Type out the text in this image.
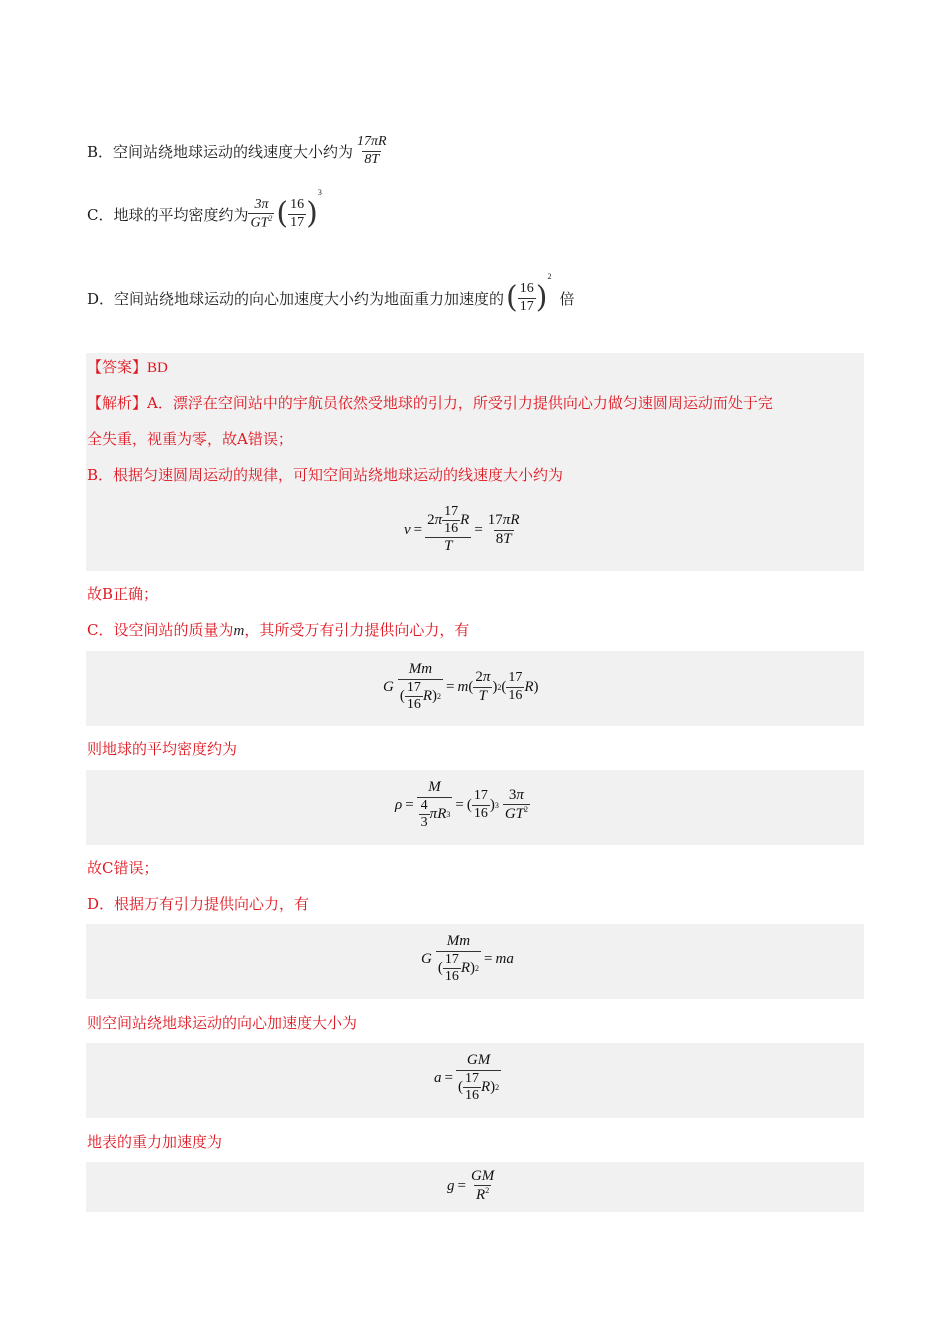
B．空间站绕地球运动的线速度大小约为
17πR
8T
C．地球的平均密度约为
3π
$GT^2$ ( 16
17 )
3
D．空间站绕地球运动的向心加速度大小约为地面重力加速度的 ( 16
17 )
2
倍
【答案】BD
【解析】A．漂浮在空间站中的宇航员依然受地球的引力，所受引力提供向心力做匀速圆周运动而处于完
全失重，视重为零，故A错误；
B．根据匀速圆周运动的规律，可知空间站绕地球运动的线速度大小约为
v = 2 π
17
16
R
$T = \frac{17\pi R}{8T}$
故B正确；
C．设空间站的质量为m，其所受万有引力提供向心力，有
G Mm
(
17
16
R ) 2 = m (
2π
T
) 2 (
17
16
R )
则地球的平均密度约为
ρ = M
4
3
π R 3 = (
17
16
) 3
3π
$GT^2$
故C错误；
D．根据万有引力提供向心力，有
G Mm
(
17
16
R ) 2 = m a
则空间站绕地球运动的向心加速度大小为
a = GM
(
17
16
R ) 2
地表的重力加速度为
$g = \frac{GM}{R^2}$
